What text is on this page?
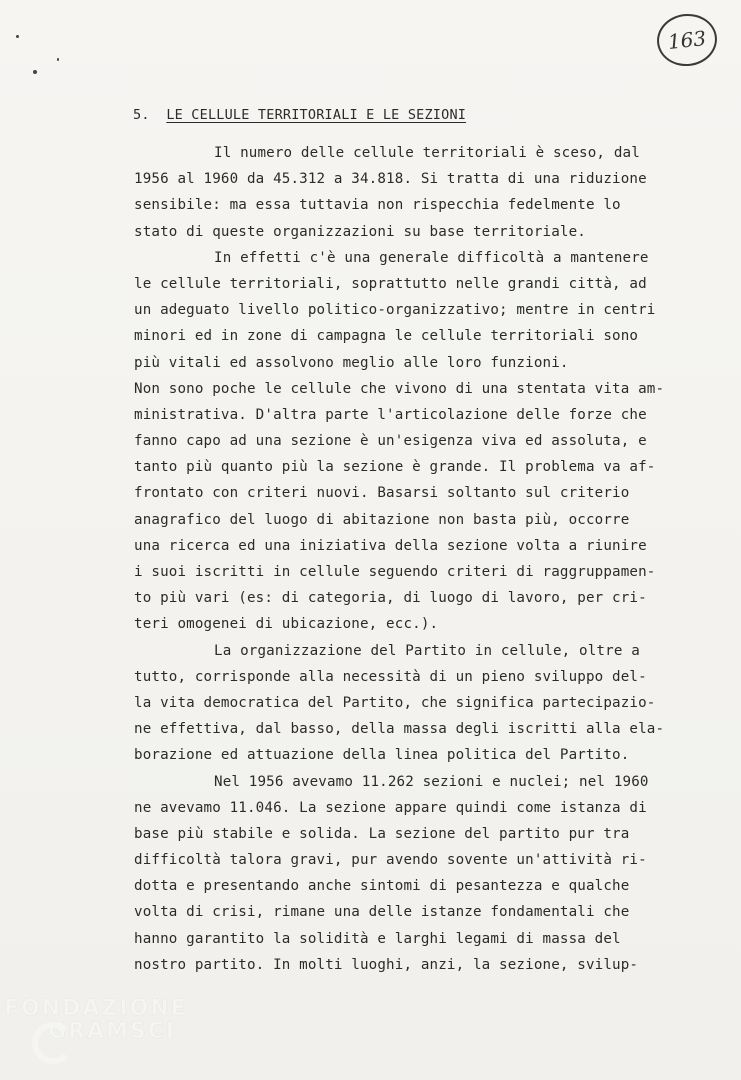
163
5. LE CELLULE TERRITORIALI E LE SEZIONI
Il numero delle cellule territoriali è sceso, dal
1956 al 1960 da 45.312 a 34.818. Si tratta di una riduzione
sensibile: ma essa tuttavia non rispecchia fedelmente lo
stato di queste organizzazioni su base territoriale.
In effetti c'è una generale difficoltà a mantenere
le cellule territoriali, soprattutto nelle grandi città, ad
un adeguato livello politico-organizzativo; mentre in centri
minori ed in zone di campagna le cellule territoriali sono
più vitali ed assolvono meglio alle loro funzioni.
Non sono poche le cellule che vivono di una stentata vita am-
ministrativa. D'altra parte l'articolazione delle forze che
fanno capo ad una sezione è un'esigenza viva ed assoluta, e
tanto più quanto più la sezione è grande. Il problema va af-
frontato con criteri nuovi. Basarsi soltanto sul criterio
anagrafico del luogo di abitazione non basta più, occorre
una ricerca ed una iniziativa della sezione volta a riunire
i suoi iscritti in cellule seguendo criteri di raggruppamen-
to più vari (es: di categoria, di luogo di lavoro, per cri-
teri omogenei di ubicazione, ecc.).
La organizzazione del Partito in cellule, oltre a
tutto, corrisponde alla necessità di un pieno sviluppo del-
la vita democratica del Partito, che significa partecipazio-
ne effettiva, dal basso, della massa degli iscritti alla ela-
borazione ed attuazione della linea politica del Partito.
Nel 1956 avevamo 11.262 sezioni e nuclei; nel 1960
ne avevamo 11.046. La sezione appare quindi come istanza di
base più stabile e solida. La sezione del partito pur tra
difficoltà talora gravi, pur avendo sovente un'attività ri-
dotta e presentando anche sintomi di pesantezza e qualche
volta di crisi, rimane una delle istanze fondamentali che
hanno garantito la solidità e larghi legami di massa del
nostro partito. In molti luoghi, anzi, la sezione, svilup-
FONDAZIONE
GRAMSCI
